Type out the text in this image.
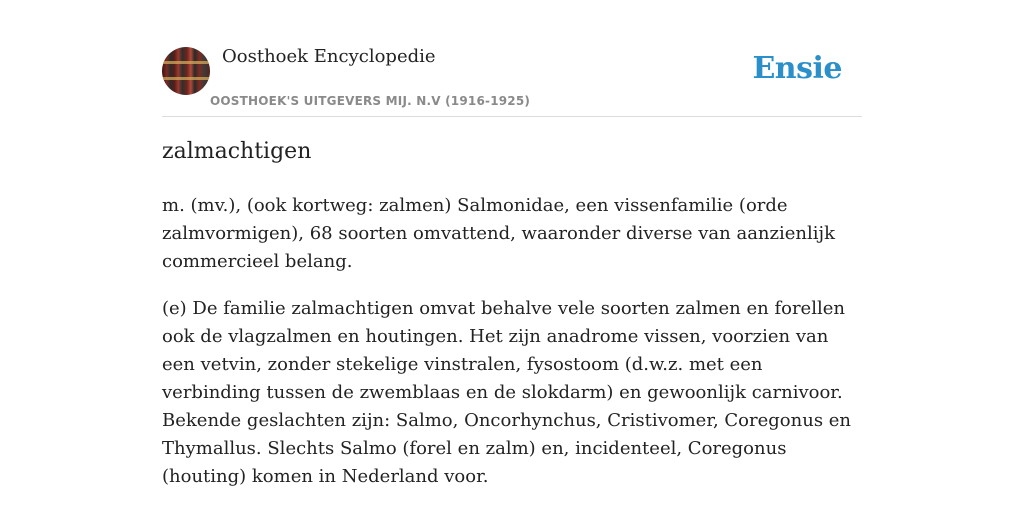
Oosthoek Encyclopedie
OOSTHOEK'S UITGEVERS MIJ. N.V (1916-1925)
Ensie
zalmachtigen

m. (mv.), (ook kortweg: zalmen) Salmonidae, een vissenfamilie (orde zalmvormigen), 68 soorten omvattend, waaronder diverse van aanzienlijk commercieel belang.

(e) De familie zalmachtigen omvat behalve vele soorten zalmen en forellen ook de vlagzalmen en houtingen. Het zijn anadrome vissen, voorzien van een vetvin, zonder stekelige vinstralen, fysostoom (d.w.z. met een verbinding tussen de zwemblaas en de slokdarm) en gewoonlijk carnivoor. Bekende geslachten zijn: Salmo, Oncorhynchus, Cristivomer, Coregonus en Thymallus. Slechts Salmo (forel en zalm) en, incidenteel, Coregonus (houting) komen in Nederland voor.
